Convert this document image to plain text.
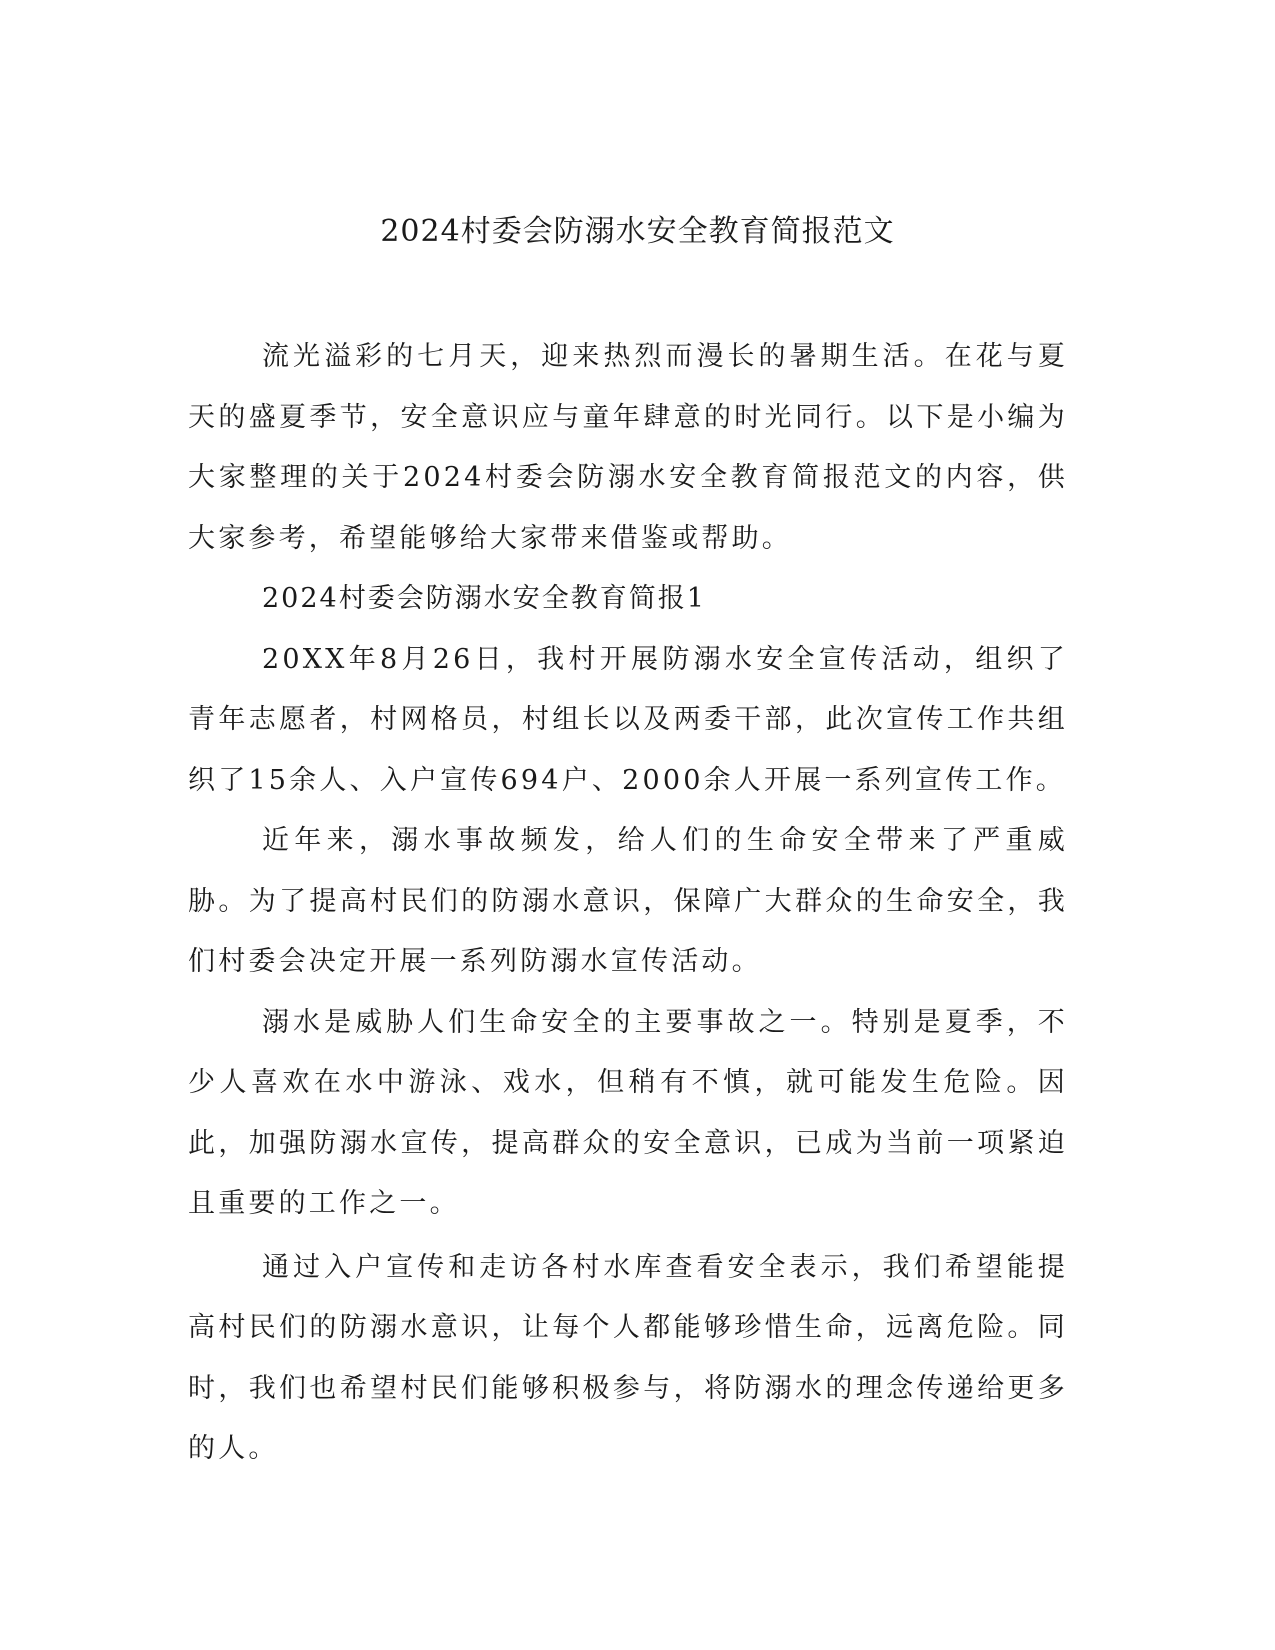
2024村委会防溺水安全教育简报范文

流光溢彩的七月天，迎来热烈而漫长的暑期生活。在花与夏天的盛夏季节，安全意识应与童年肆意的时光同行。以下是小编为大家整理的关于2024村委会防溺水安全教育简报范文的内容，供大家参考，希望能够给大家带来借鉴或帮助。

2024村委会防溺水安全教育简报1

20XX年8月26日，我村开展防溺水安全宣传活动，组织了青年志愿者，村网格员，村组长以及两委干部，此次宣传工作共组织了15余人、入户宣传694户、2000余人开展一系列宣传工作。

近年来，溺水事故频发，给人们的生命安全带来了严重威胁。为了提高村民们的防溺水意识，保障广大群众的生命安全，我们村委会决定开展一系列防溺水宣传活动。

溺水是威胁人们生命安全的主要事故之一。特别是夏季，不少人喜欢在水中游泳、戏水，但稍有不慎，就可能发生危险。因此，加强防溺水宣传，提高群众的安全意识，已成为当前一项紧迫且重要的工作之一。

通过入户宣传和走访各村水库查看安全表示，我们希望能提高村民们的防溺水意识，让每个人都能够珍惜生命，远离危险。同时，我们也希望村民们能够积极参与，将防溺水的理念传递给更多的人。
